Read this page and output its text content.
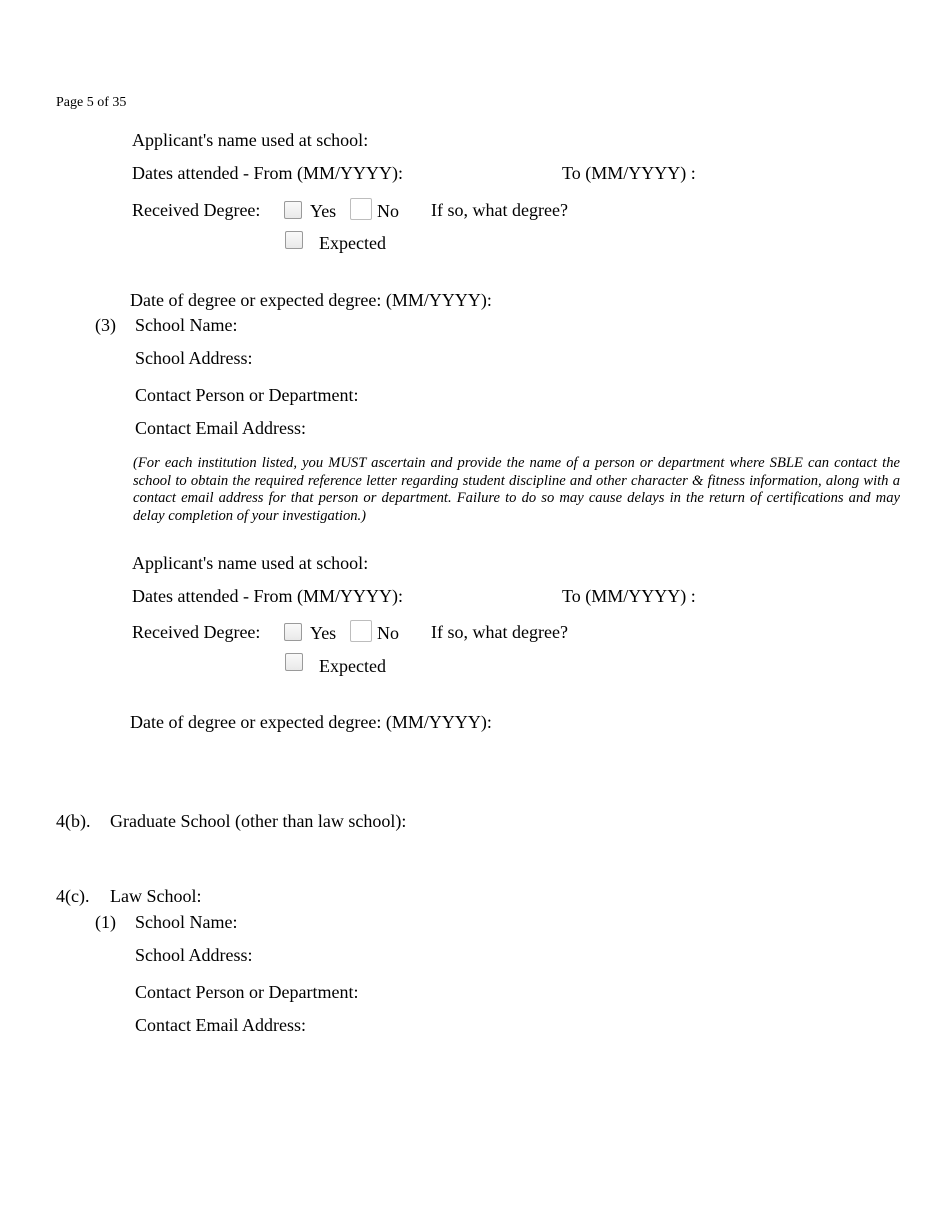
Page 5 of 35
Applicant's name used at school:
Dates attended - From (MM/YYYY):	To (MM/YYYY) :
Received Degree:	Yes No If so, what degree?
Expected
Date of degree or expected degree: (MM/YYYY):
(3) School Name:
School Address:
Contact Person or Department:
Contact Email Address:
(For each institution listed, you MUST ascertain and provide the name of a person or department where SBLE can contact the school to obtain the required reference letter regarding student discipline and other character & fitness information, along with a contact email address for that person or department. Failure to do so may cause delays in the return of certifications and may delay completion of your investigation.)
Applicant's name used at school:
Dates attended - From (MM/YYYY):	To (MM/YYYY) :
Received Degree:	Yes No If so, what degree?
Expected
Date of degree or expected degree: (MM/YYYY):
4(b). Graduate School (other than law school):
4(c). Law School:
(1) School Name:
School Address:
Contact Person or Department:
Contact Email Address:
